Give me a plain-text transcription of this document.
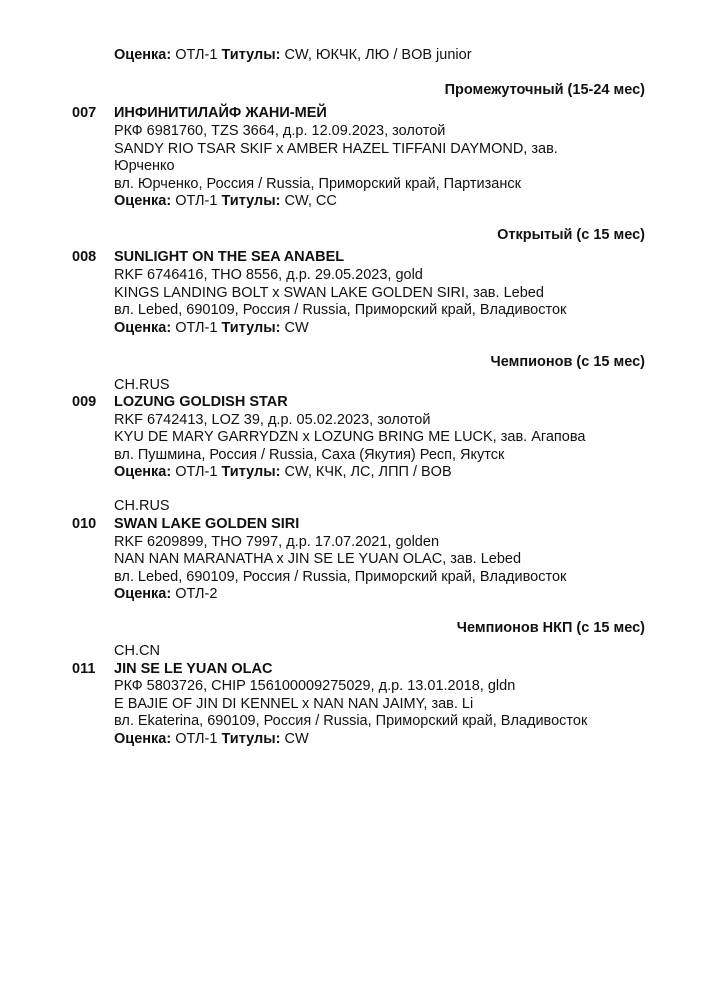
Оценка: ОТЛ-1 Титулы: CW, ЮКЧК, ЛЮ / BOB junior
Промежуточный (15-24 мес)
007 ИНФИНИТИЛАЙФ ЖАНИ-МЕЙ
РКФ 6981760, TZS 3664, д.р. 12.09.2023, золотой
SANDY RIO TSAR SKIF x AMBER HAZEL TIFFANI DAYMOND, зав.
Юрченко
вл. Юрченко, Россия / Russia, Приморский край, Партизанск
Оценка: ОТЛ-1 Титулы: CW, CC
Открытый (с 15 мес)
008 SUNLIGHT ON THE SEA ANABEL
RKF 6746416, THO 8556, д.р. 29.05.2023, gold
KINGS LANDING BOLT x SWAN LAKE GOLDEN SIRI, зав. Lebed
вл. Lebed, 690109, Россия / Russia, Приморский край, Владивосток
Оценка: ОТЛ-1 Титулы: CW
Чемпионов (с 15 мес)
CH.RUS
009 LOZUNG GOLDISH STAR
RKF 6742413, LOZ 39, д.р. 05.02.2023, золотой
KYU DE MARY GARRYDZN x LOZUNG BRING ME LUCK, зав. Агапова
вл. Пушмина, Россия / Russia, Саха (Якутия) Респ, Якутск
Оценка: ОТЛ-1 Титулы: CW, КЧК, ЛС, ЛПП / BOB
CH.RUS
010 SWAN LAKE GOLDEN SIRI
RKF 6209899, THO 7997, д.р. 17.07.2021, golden
NAN NAN MARANATHA x JIN SE LE YUAN OLAC, зав. Lebed
вл. Lebed, 690109, Россия / Russia, Приморский край, Владивосток
Оценка: ОТЛ-2
Чемпионов НКП (с 15 мес)
CH.CN
011 JIN SE LE YUAN OLAC
РКФ 5803726, CHIP 156100009275029, д.р. 13.01.2018, gldn
E BAJIE OF JIN DI KENNEL x NAN NAN JAIMY, зав. Li
вл. Ekaterina, 690109, Россия / Russia, Приморский край, Владивосток
Оценка: ОТЛ-1 Титулы: CW
